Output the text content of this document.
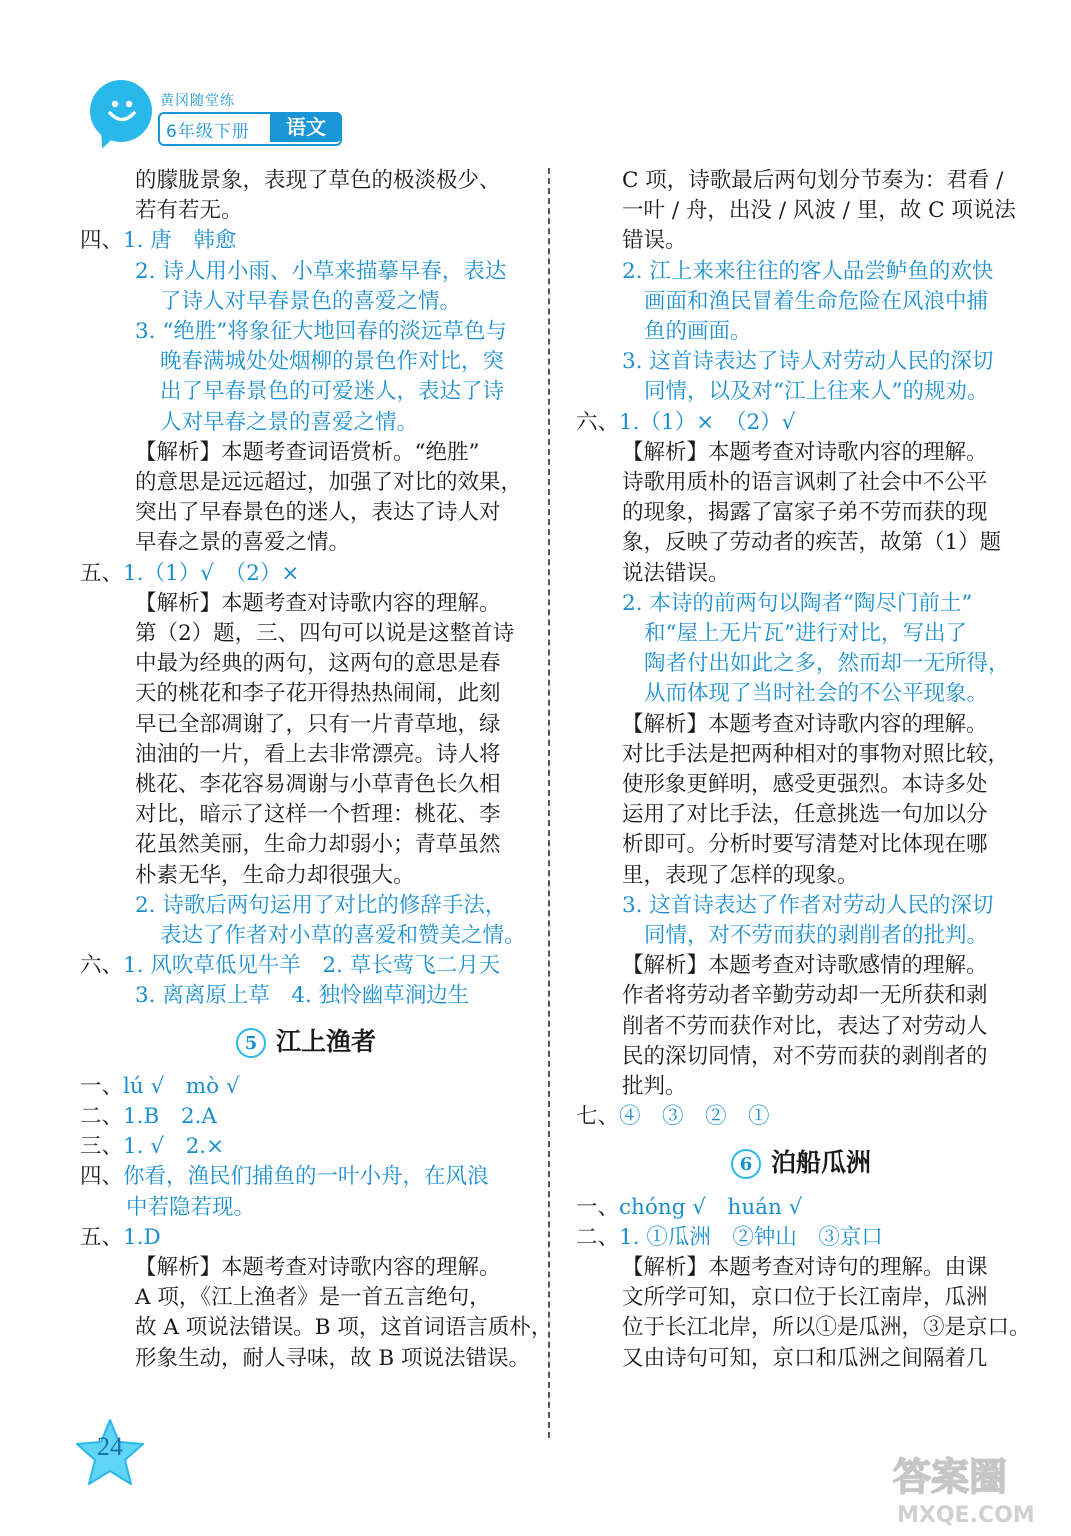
黄冈随堂练
6年级下册	语文
的朦胧景象，表现了草色的极淡极少、
若有若无。
四、1. 唐　韩愈
2. 诗人用小雨、小草来描摹早春，表达
了诗人对早春景色的喜爱之情。
3. “绝胜”将象征大地回春的淡远草色与
晚春满城处处烟柳的景色作对比，突
出了早春景色的可爱迷人，表达了诗
人对早春之景的喜爱之情。
【解析】本题考查词语赏析。“绝胜”
的意思是远远超过，加强了对比的效果，
突出了早春景色的迷人，表达了诗人对
早春之景的喜爱之情。
五、1.（1）√　（2）×
【解析】本题考查对诗歌内容的理解。
第（2）题，三、四句可以说是这整首诗
中最为经典的两句，这两句的意思是春
天的桃花和李子花开得热热闹闹，此刻
早已全部凋谢了，只有一片青草地，绿
油油的一片，看上去非常漂亮。诗人将
桃花、李花容易凋谢与小草青色长久相
对比，暗示了这样一个哲理：桃花、李
花虽然美丽，生命力却弱小；青草虽然
朴素无华，生命力却很强大。
2. 诗歌后两句运用了对比的修辞手法，
表达了作者对小草的喜爱和赞美之情。
六、1. 风吹草低见牛羊　2. 草长莺飞二月天
3. 离离原上草　4. 独怜幽草涧边生
5 江上渔者
一、lú √　mò √
二、1.B　2.A
三、1. √　2.×
四、你看，渔民们捕鱼的一叶小舟，在风浪
中若隐若现。
五、1.D
【解析】本题考查对诗歌内容的理解。
A 项，《江上渔者》是一首五言绝句，
故 A 项说法错误。B 项，这首词语言质朴，
形象生动，耐人寻味，故 B 项说法错误。
C 项，诗歌最后两句划分节奏为：君看 /
一叶 / 舟，出没 / 风波 / 里，故 C 项说法
错误。
2. 江上来来往往的客人品尝鲈鱼的欢快
画面和渔民冒着生命危险在风浪中捕
鱼的画面。
3. 这首诗表达了诗人对劳动人民的深切
同情，以及对“江上往来人”的规劝。
六、1.（1）×　（2）√
【解析】本题考查对诗歌内容的理解。
诗歌用质朴的语言讽刺了社会中不公平
的现象，揭露了富家子弟不劳而获的现
象，反映了劳动者的疾苦，故第（1）题
说法错误。
2. 本诗的前两句以陶者“陶尽门前土”
和“屋上无片瓦”进行对比，写出了
陶者付出如此之多，然而却一无所得，
从而体现了当时社会的不公平现象。
【解析】本题考查对诗歌内容的理解。
对比手法是把两种相对的事物对照比较，
使形象更鲜明，感受更强烈。本诗多处
运用了对比手法，任意挑选一句加以分
析即可。分析时要写清楚对比体现在哪
里，表现了怎样的现象。
3. 这首诗表达了作者对劳动人民的深切
同情，对不劳而获的剥削者的批判。
【解析】本题考查对诗歌感情的理解。
作者将劳动者辛勤劳动却一无所获和剥
削者不劳而获作对比，表达了对劳动人
民的深切同情，对不劳而获的剥削者的
批判。
七、④　③　②　①
6 泊船瓜洲
一、chóng √　huán √
二、1. ①瓜洲　②钟山　③京口
【解析】本题考查对诗句的理解。由课
文所学可知，京口位于长江南岸，瓜洲
位于长江北岸，所以①是瓜洲，③是京口。
又由诗句可知，京口和瓜洲之间隔着几
24
答案圈
MXQE.COM
